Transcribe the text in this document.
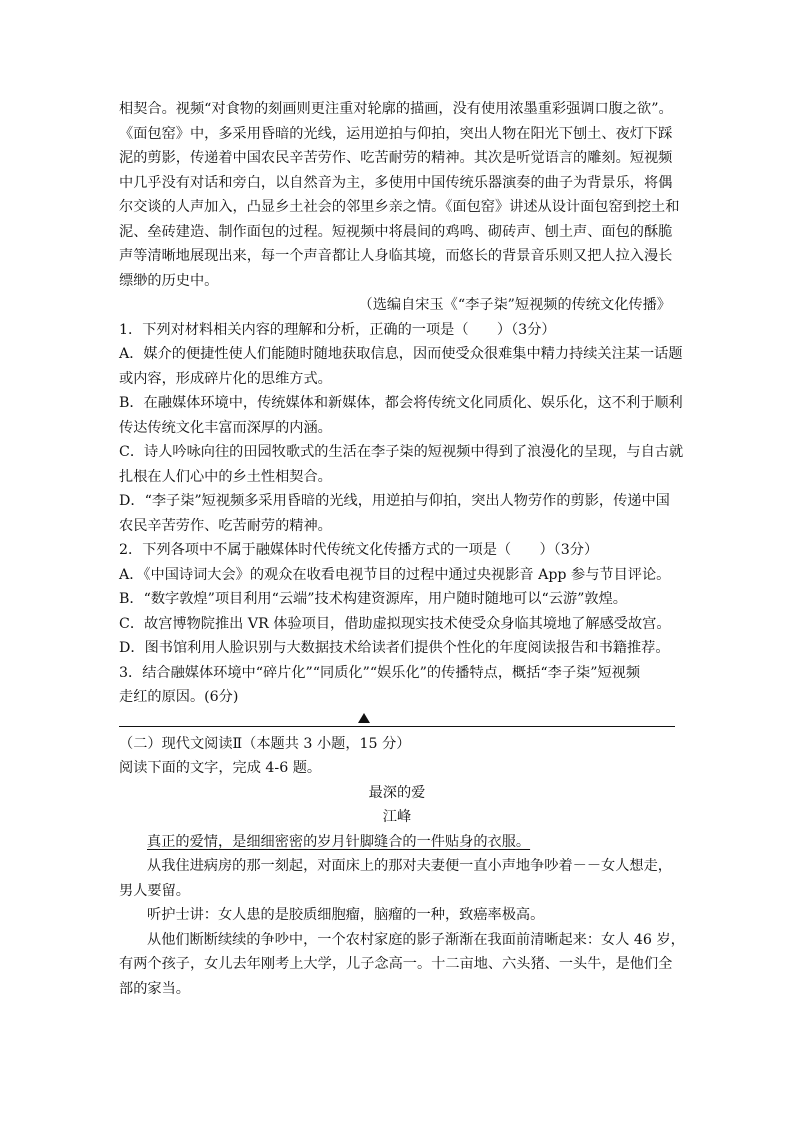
相契合。视频“对食物的刻画则更注重对轮廓的描画，没有使用浓墨重彩强调口腹之欲”。
《面包窑》中，多采用昏暗的光线，运用逆拍与仰拍，突出人物在阳光下刨土、夜灯下踩
泥的剪影，传递着中国农民辛苦劳作、吃苦耐劳的精神。其次是听觉语言的雕刻。短视频
中几乎没有对话和旁白，以自然音为主，多使用中国传统乐器演奏的曲子为背景乐，将偶
尔交谈的人声加入，凸显乡土社会的邻里乡亲之情。《面包窑》讲述从设计面包窑到挖土和
泥、垒砖建造、制作面包的过程。短视频中将晨间的鸡鸣、砌砖声、刨土声、面包的酥脆
声等清晰地展现出来，每一个声音都让人身临其境，而悠长的背景音乐则又把人拉入漫长
缥缈的历史中。
（选编自宋玉《“李子柒”短视频的传统文化传播》
1．下列对材料相关内容的理解和分析，正确的一项是（　　）（3分）
A．媒介的便捷性使人们能随时随地获取信息，因而使受众很难集中精力持续关注某一话题
或内容，形成碎片化的思维方式。
B．在融媒体环境中，传统媒体和新媒体，都会将传统文化同质化、娱乐化，这不利于顺利
传达传统文化丰富而深厚的内涵。
C．诗人吟咏向往的田园牧歌式的生活在李子柒的短视频中得到了浪漫化的呈现，与自古就
扎根在人们心中的乡土性相契合。
D．“李子柒”短视频多采用昏暗的光线，用逆拍与仰拍，突出人物劳作的剪影，传递中国
农民辛苦劳作、吃苦耐劳的精神。
2．下列各项中不属于融媒体时代传统文化传播方式的一项是（　　）（3分）
A．《中国诗词大会》的观众在收看电视节目的过程中通过央视影音 App 参与节目评论。
B．“数字敦煌”项目利用“云端”技术构建资源库，用户随时随地可以“云游”敦煌。
C．故宫博物院推出 VR 体验项目，借助虚拟现实技术使受众身临其境地了解感受故宫。
D．图书馆利用人脸识别与大数据技术给读者们提供个性化的年度阅读报告和书籍推荐。
3．结合融媒体环境中“碎片化”“同质化”“娱乐化”的传播特点，概括“李子柒”短视频
走红的原因。(6分)
（二）现代文阅读Ⅱ（本题共 3 小题，15 分）
阅读下面的文字，完成 4-6 题。
最深的爱
江峰
真正的爱情，是细细密密的岁月针脚缝合的一件贴身的衣服。
从我住进病房的那一刻起，对面床上的那对夫妻便一直小声地争吵着－－女人想走，
男人要留。
听护士讲：女人患的是胶质细胞瘤，脑瘤的一种，致癌率极高。
从他们断断续续的争吵中，一个农村家庭的影子渐渐在我面前清晰起来：女人 46 岁，
有两个孩子，女儿去年刚考上大学，儿子念高一。十二亩地、六头猪、一头牛，是他们全
部的家当。
